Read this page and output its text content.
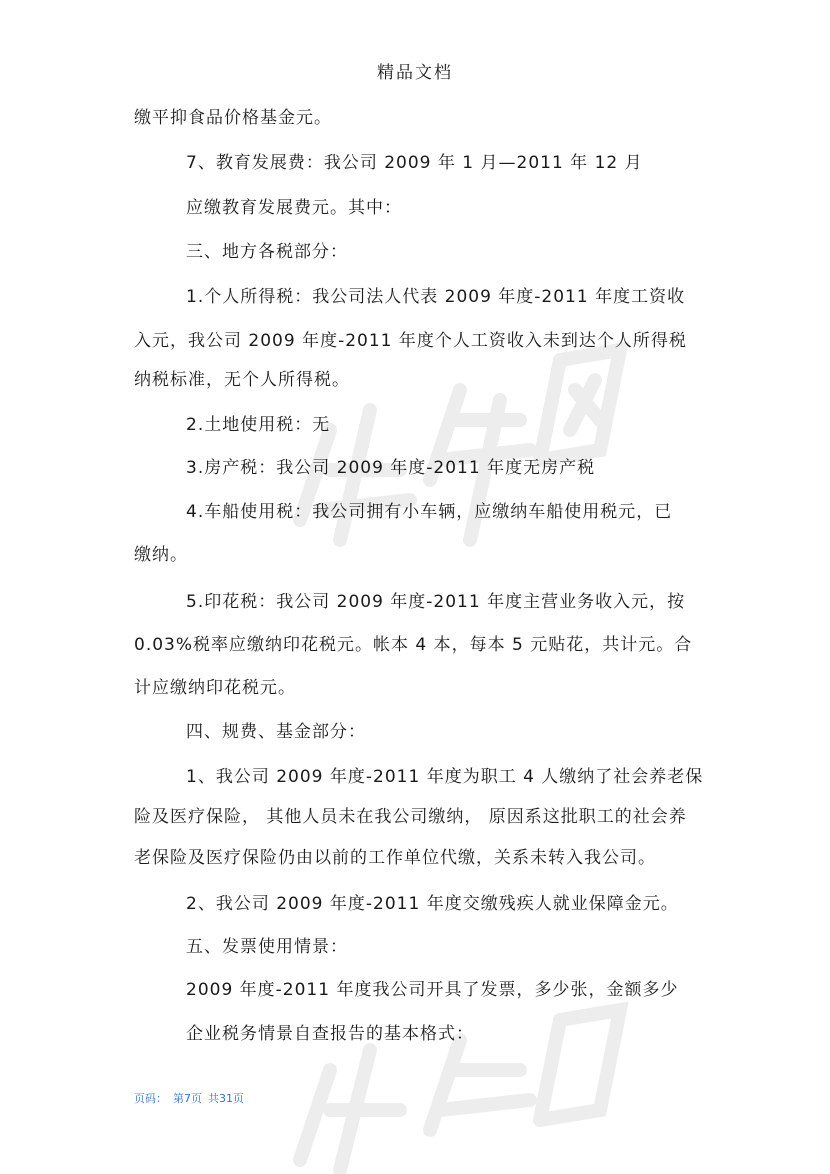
精品文档

缴平抑食品价格基金元。

7、教育发展费：我公司 2009 年 1 月—2011 年 12 月

应缴教育发展费元。其中：

三、地方各税部分：

1.个人所得税：我公司法人代表 2009 年度-2011 年度工资收

入元，我公司 2009 年度-2011 年度个人工资收入未到达个人所得税

纳税标准，无个人所得税。

2.土地使用税：无

3.房产税：我公司 2009 年度-2011 年度无房产税

4.车船使用税：我公司拥有小车辆，应缴纳车船使用税元，已

缴纳。

5.印花税：我公司 2009 年度-2011 年度主营业务收入元，按

0.03%税率应缴纳印花税元。帐本 4 本，每本 5 元贴花，共计元。合

计应缴纳印花税元。

四、规费、基金部分：

1、我公司 2009 年度-2011 年度为职工 4 人缴纳了社会养老保

险及医疗保险， 其他人员未在我公司缴纳， 原因系这批职工的社会养

老保险及医疗保险仍由以前的工作单位代缴，关系未转入我公司。

2、我公司 2009 年度-2011 年度交缴残疾人就业保障金元。

五、发票使用情景：

2009 年度-2011 年度我公司开具了发票，多少张，金额多少

企业税务情景自查报告的基本格式：

页码： 第7页 共31页
